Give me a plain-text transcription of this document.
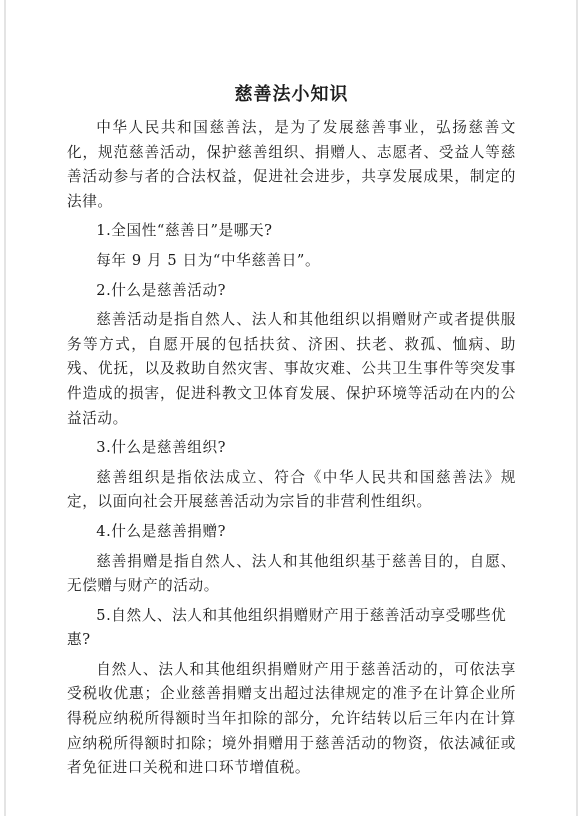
慈善法小知识
中华人民共和国慈善法，是为了发展慈善事业，弘扬慈善文化，规范慈善活动，保护慈善组织、捐赠人、志愿者、受益人等慈善活动参与者的合法权益，促进社会进步，共享发展成果，制定的法律。
1.全国性“慈善日”是哪天?
每年 9 月 5 日为“中华慈善日”。
2.什么是慈善活动?
慈善活动是指自然人、法人和其他组织以捐赠财产或者提供服务等方式，自愿开展的包括扶贫、济困、扶老、救孤、恤病、助残、优抚，以及救助自然灾害、事故灾难、公共卫生事件等突发事件造成的损害，促进科教文卫体育发展、保护环境等活动在内的公益活动。
3.什么是慈善组织?
慈善组织是指依法成立、符合《中华人民共和国慈善法》规定，以面向社会开展慈善活动为宗旨的非营利性组织。
4.什么是慈善捐赠?
慈善捐赠是指自然人、法人和其他组织基于慈善目的，自愿、无偿赠与财产的活动。
5.自然人、法人和其他组织捐赠财产用于慈善活动享受哪些优惠?
自然人、法人和其他组织捐赠财产用于慈善活动的，可依法享受税收优惠；企业慈善捐赠支出超过法律规定的准予在计算企业所得税应纳税所得额时当年扣除的部分，允许结转以后三年内在计算应纳税所得额时扣除；境外捐赠用于慈善活动的物资，依法减征或者免征进口关税和进口环节增值税。
